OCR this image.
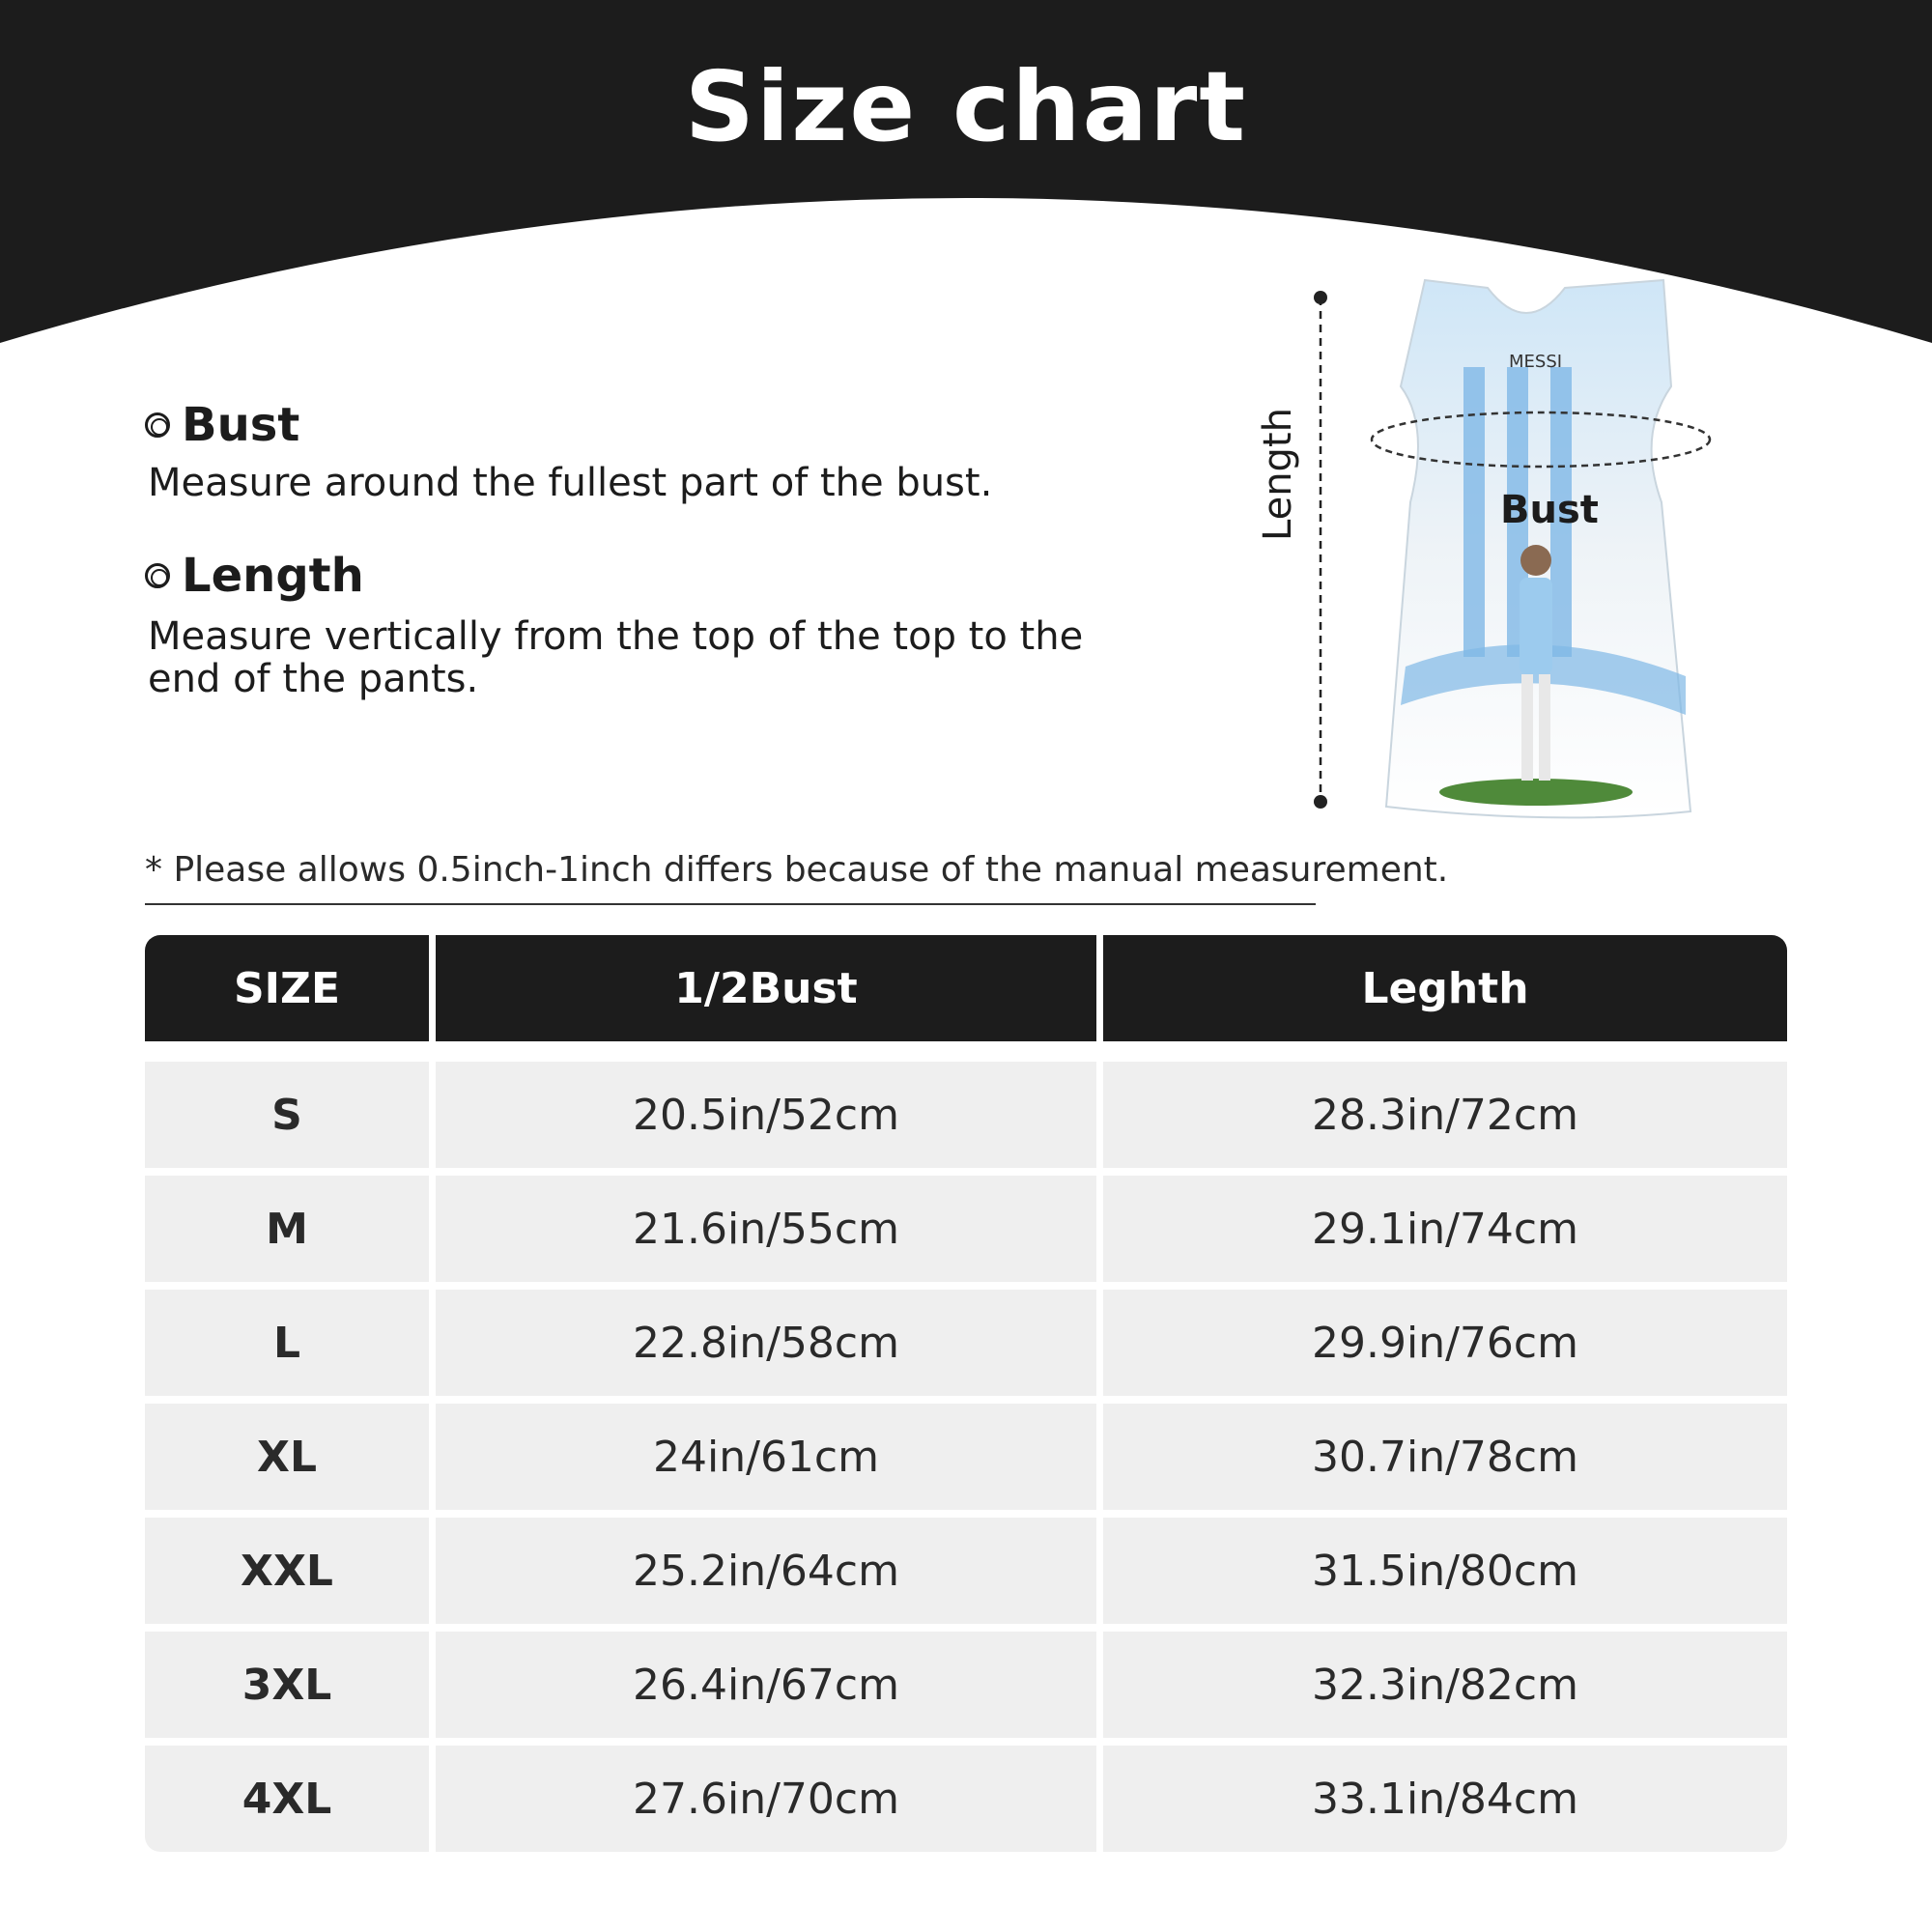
Size chart
Bust
Measure around the fullest part of the bust.
Length
Measure vertically from the top of the top to the end of the pants.
MESSI
Length	Bust
* Please allows 0.5inch-1inch differs because of the manual measurement.
SIZE	1/2Bust	Leghth
S	20.5in/52cm	28.3in/72cm
M	21.6in/55cm	29.1in/74cm
L	22.8in/58cm	29.9in/76cm
XL	24in/61cm	30.7in/78cm
XXL	25.2in/64cm	31.5in/80cm
3XL	26.4in/67cm	32.3in/82cm
4XL	27.6in/70cm	33.1in/84cm
